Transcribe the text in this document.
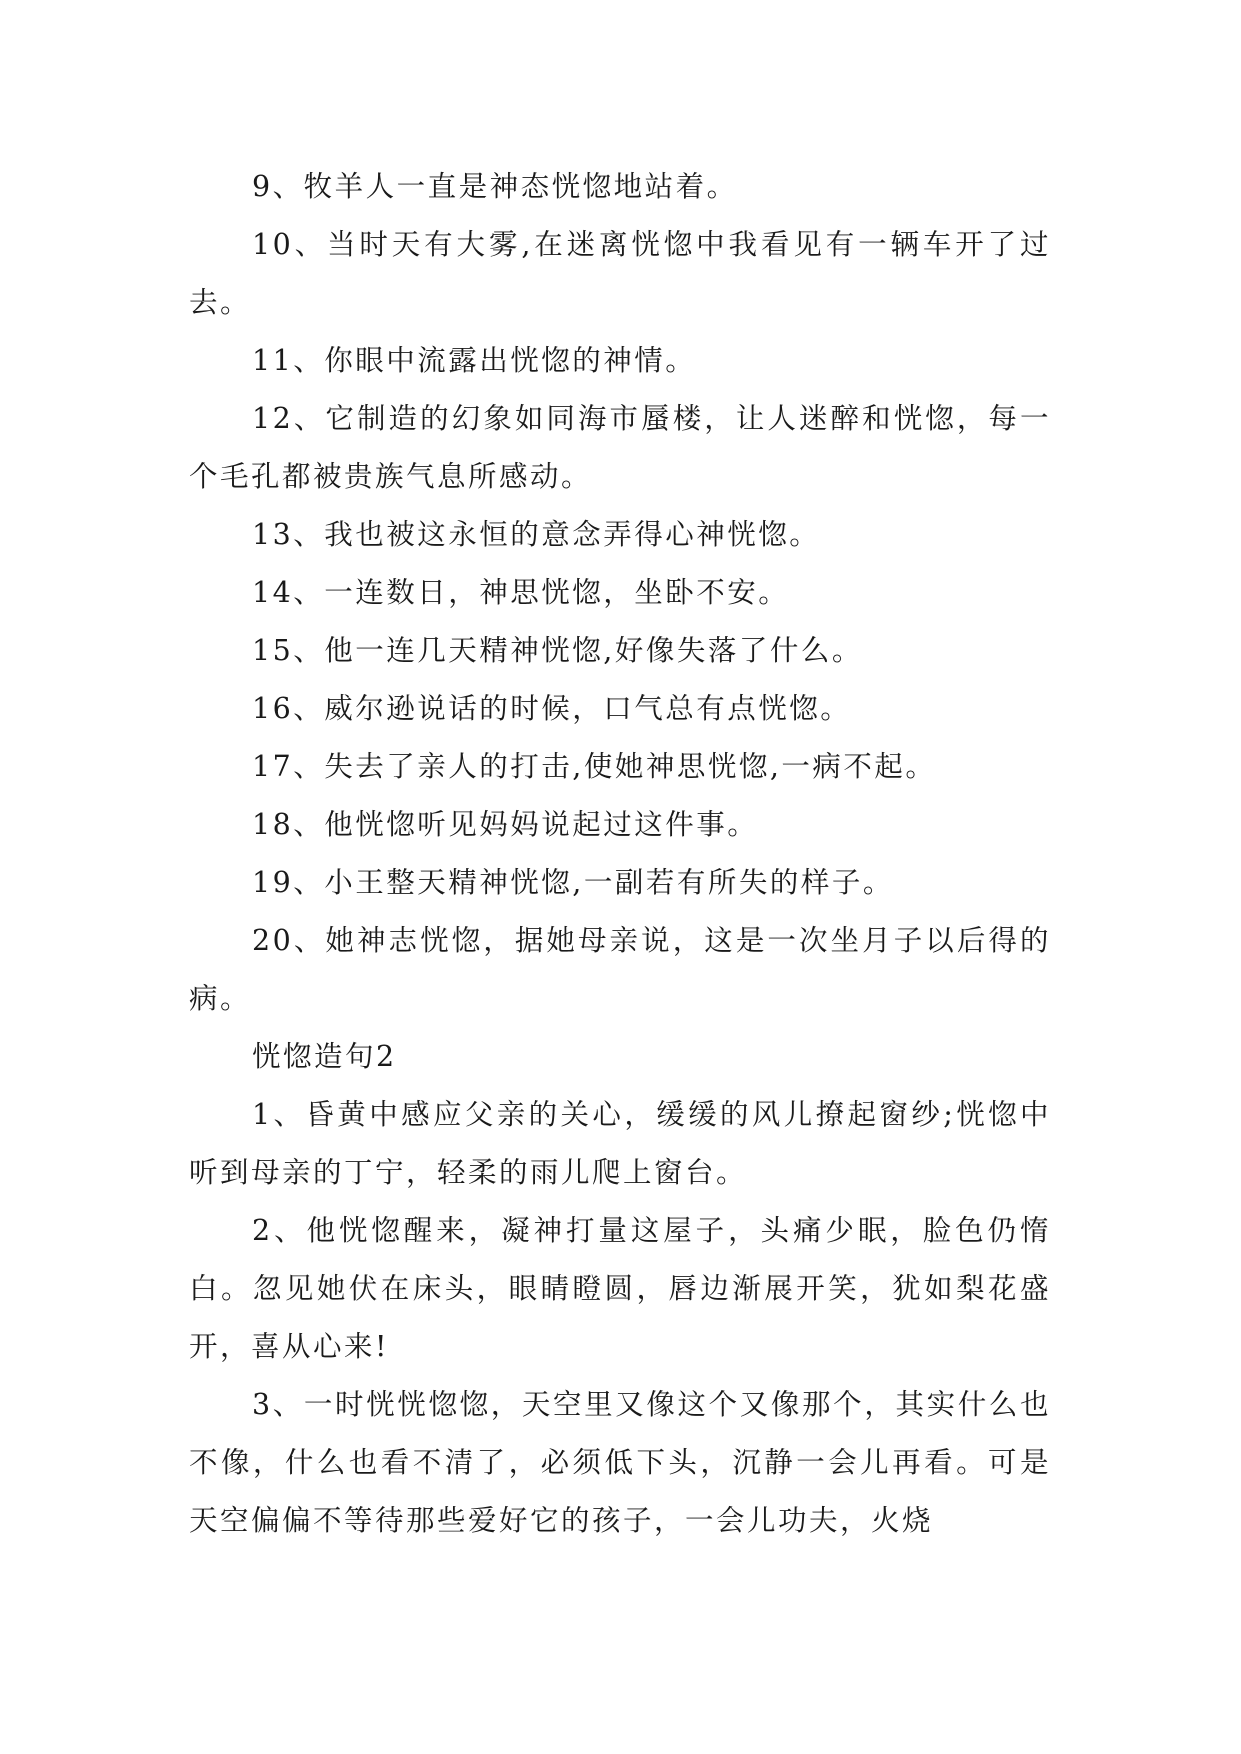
9、牧羊人一直是神态恍惚地站着。

10、当时天有大雾,在迷离恍惚中我看见有一辆车开了过去。

11、你眼中流露出恍惚的神情。

12、它制造的幻象如同海市蜃楼，让人迷醉和恍惚，每一个毛孔都被贵族气息所感动。

13、我也被这永恒的意念弄得心神恍惚。

14、一连数日，神思恍惚，坐卧不安。

15、他一连几天精神恍惚,好像失落了什么。

16、威尔逊说话的时候，口气总有点恍惚。

17、失去了亲人的打击,使她神思恍惚,一病不起。

18、他恍惚听见妈妈说起过这件事。

19、小王整天精神恍惚,一副若有所失的样子。

20、她神志恍惚，据她母亲说，这是一次坐月子以后得的病。

恍惚造句2

1、昏黄中感应父亲的关心，缓缓的风儿撩起窗纱;恍惚中听到母亲的丁宁，轻柔的雨儿爬上窗台。

2、他恍惚醒来，凝神打量这屋子，头痛少眠，脸色仍惰白。忽见她伏在床头，眼睛瞪圆，唇边渐展开笑，犹如梨花盛开，喜从心来!

3、一时恍恍惚惚，天空里又像这个又像那个，其实什么也不像，什么也看不清了，必须低下头，沉静一会儿再看。可是天空偏偏不等待那些爱好它的孩子，一会儿功夫，火烧
